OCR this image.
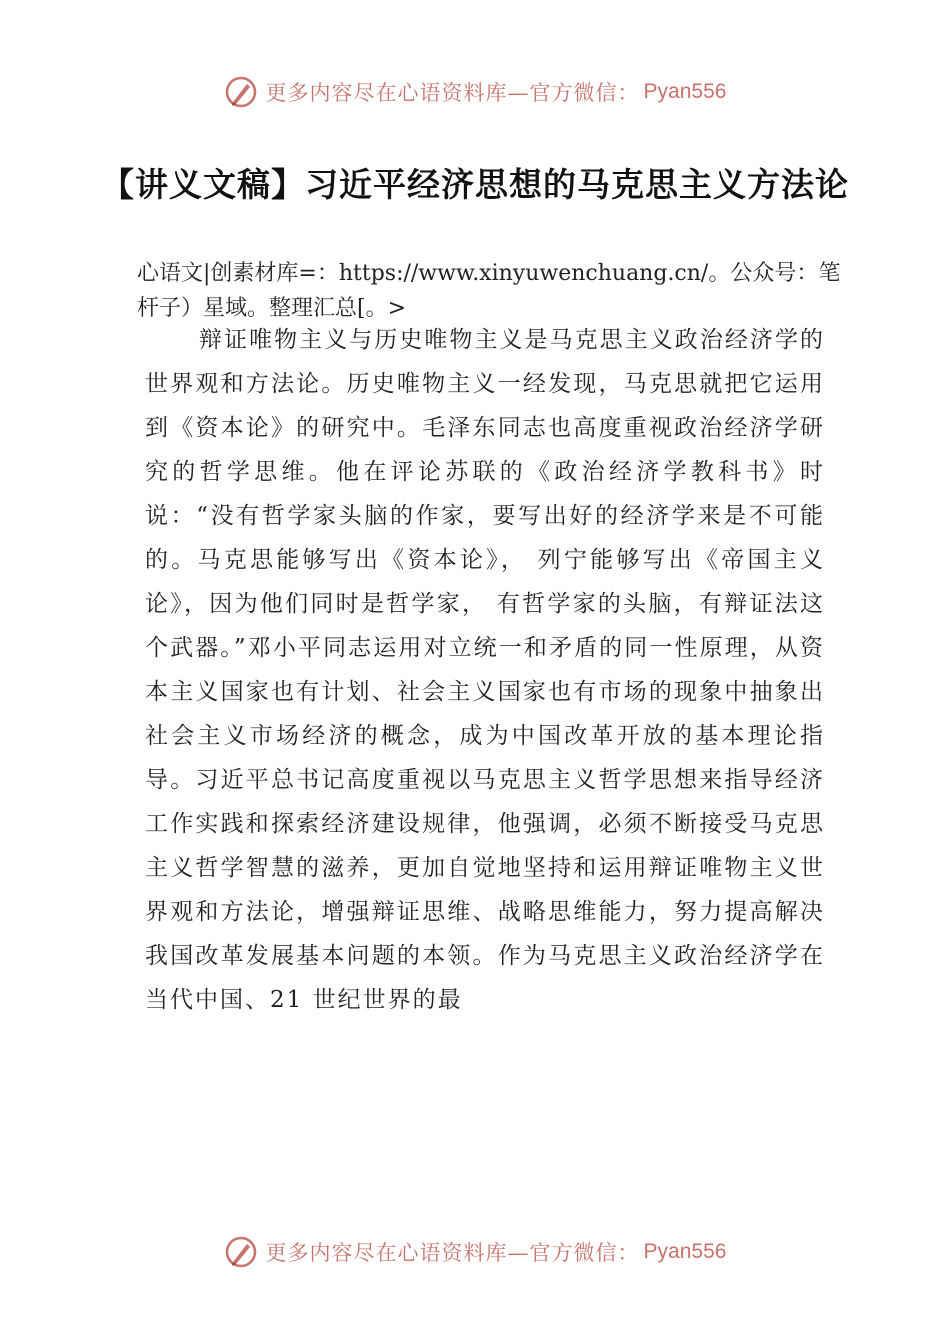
更多内容尽在心语资料库—官方微信： Pyan556
【讲义文稿】习近平经济思想的马克思主义方法论

心语文|创素材库=：https://www.xinyuwenchuang.cn/。公众号：笔杆子）星域。整理汇总[。>

辩证唯物主义与历史唯物主义是马克思主义政治经济学的世界观和方法论。历史唯物主义一经发现，马克思就把它运用到《资本论》的研究中。毛泽东同志也高度重视政治经济学研究的哲学思维。他在评论苏联的《政治经济学教科书》时说：“没有哲学家头脑的作家，要写出好的经济学来是不可能的。马克思能够写出《资本论》， 列宁能够写出《帝国主义论》，因为他们同时是哲学家， 有哲学家的头脑，有辩证法这个武器。”邓小平同志运用对立统一和矛盾的同一性原理，从资本主义国家也有计划、社会主义国家也有市场的现象中抽象出社会主义市场经济的概念，成为中国改革开放的基本理论指导。习近平总书记高度重视以马克思主义哲学思想来指导经济工作实践和探索经济建设规律，他强调，必须不断接受马克思主义哲学智慧的滋养，更加自觉地坚持和运用辩证唯物主义世界观和方法论，增强辩证思维、战略思维能力，努力提高解决我国改革发展基本问题的本领。作为马克思主义政治经济学在当代中国、21 世纪世界的最

更多内容尽在心语资料库—官方微信： Pyan556
